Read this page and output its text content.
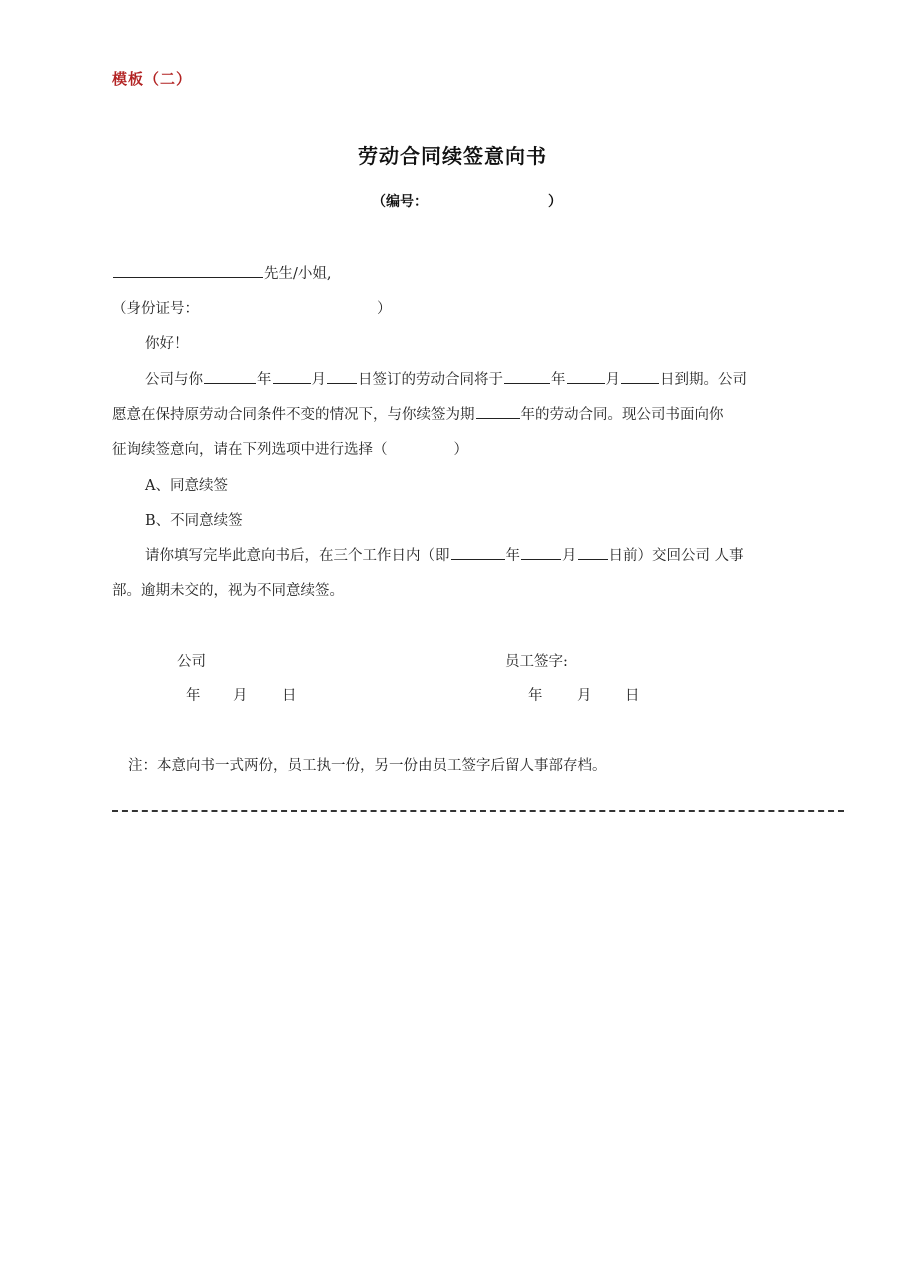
模板（二）
劳动合同续签意向书
（编号：	）
先生/小姐,
（身份证号：	）
你好！
公司与你	年	月 日签订的劳动合同将于	年	月	日到期。公司
愿意在保持原劳动合同条件不变的情况下，与你续签为期	年的劳动合同。现公司书面向你
征询续签意向，请在下列选项中进行选择（	）
A、同意续签
B、不同意续签
请你填写完毕此意向书后，在三个工作日内（即	年	月 日前）交回公司 人事
部。逾期未交的，视为不同意续签。
公司
年 月 日
员工签字:
年 月 日
注：本意向书一式两份，员工执一份，另一份由员工签字后留人事部存档。
